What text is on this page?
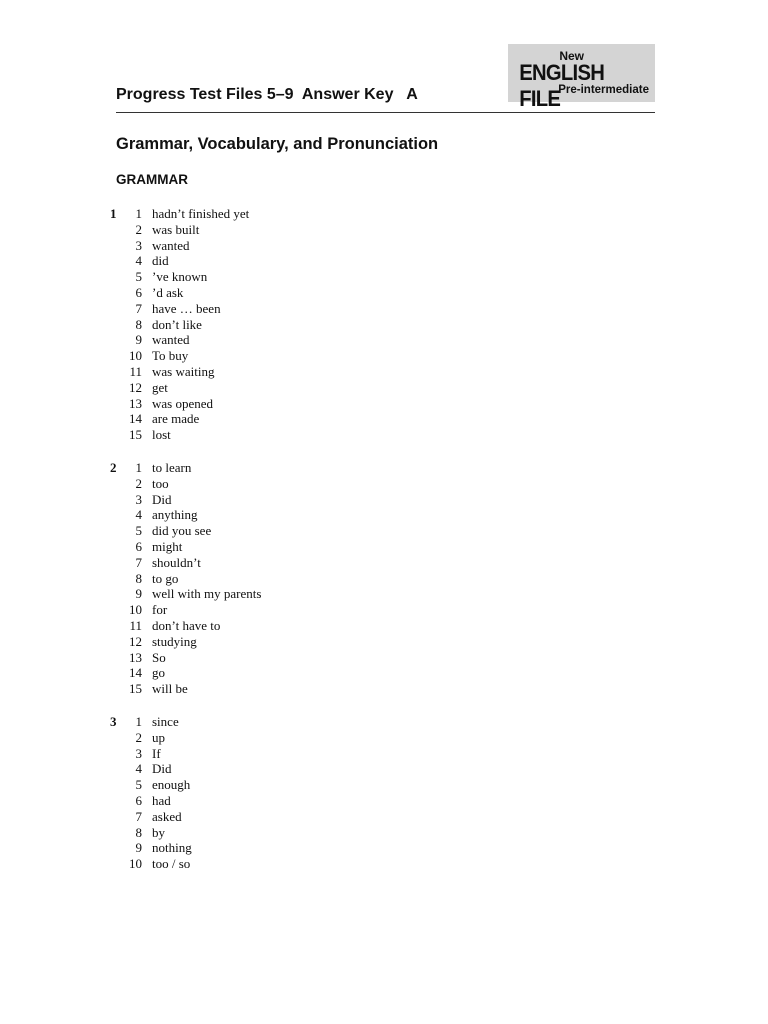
New
ENGLISH FILE
Pre-intermediate
Progress Test Files 5–9  Answer Key   A
Grammar, Vocabulary, and Pronunciation
GRAMMAR
1	1 hadn’t finished yet
2 was built
3 wanted
4 did
5 ’ve known
6 ’d ask
7 have … been
8 don’t like
9 wanted
10 To buy
11 was waiting
12 get
13 was opened
14 are made
15 lost
2	1 to learn
2 too
3 Did
4 anything
5 did you see
6 might
7 shouldn’t
8 to go
9 well with my parents
10 for
11 don’t have to
12 studying
13 So
14 go
15 will be
3	1 since
2 up
3 If
4 Did
5 enough
6 had
7 asked
8 by
9 nothing
10 too / so
